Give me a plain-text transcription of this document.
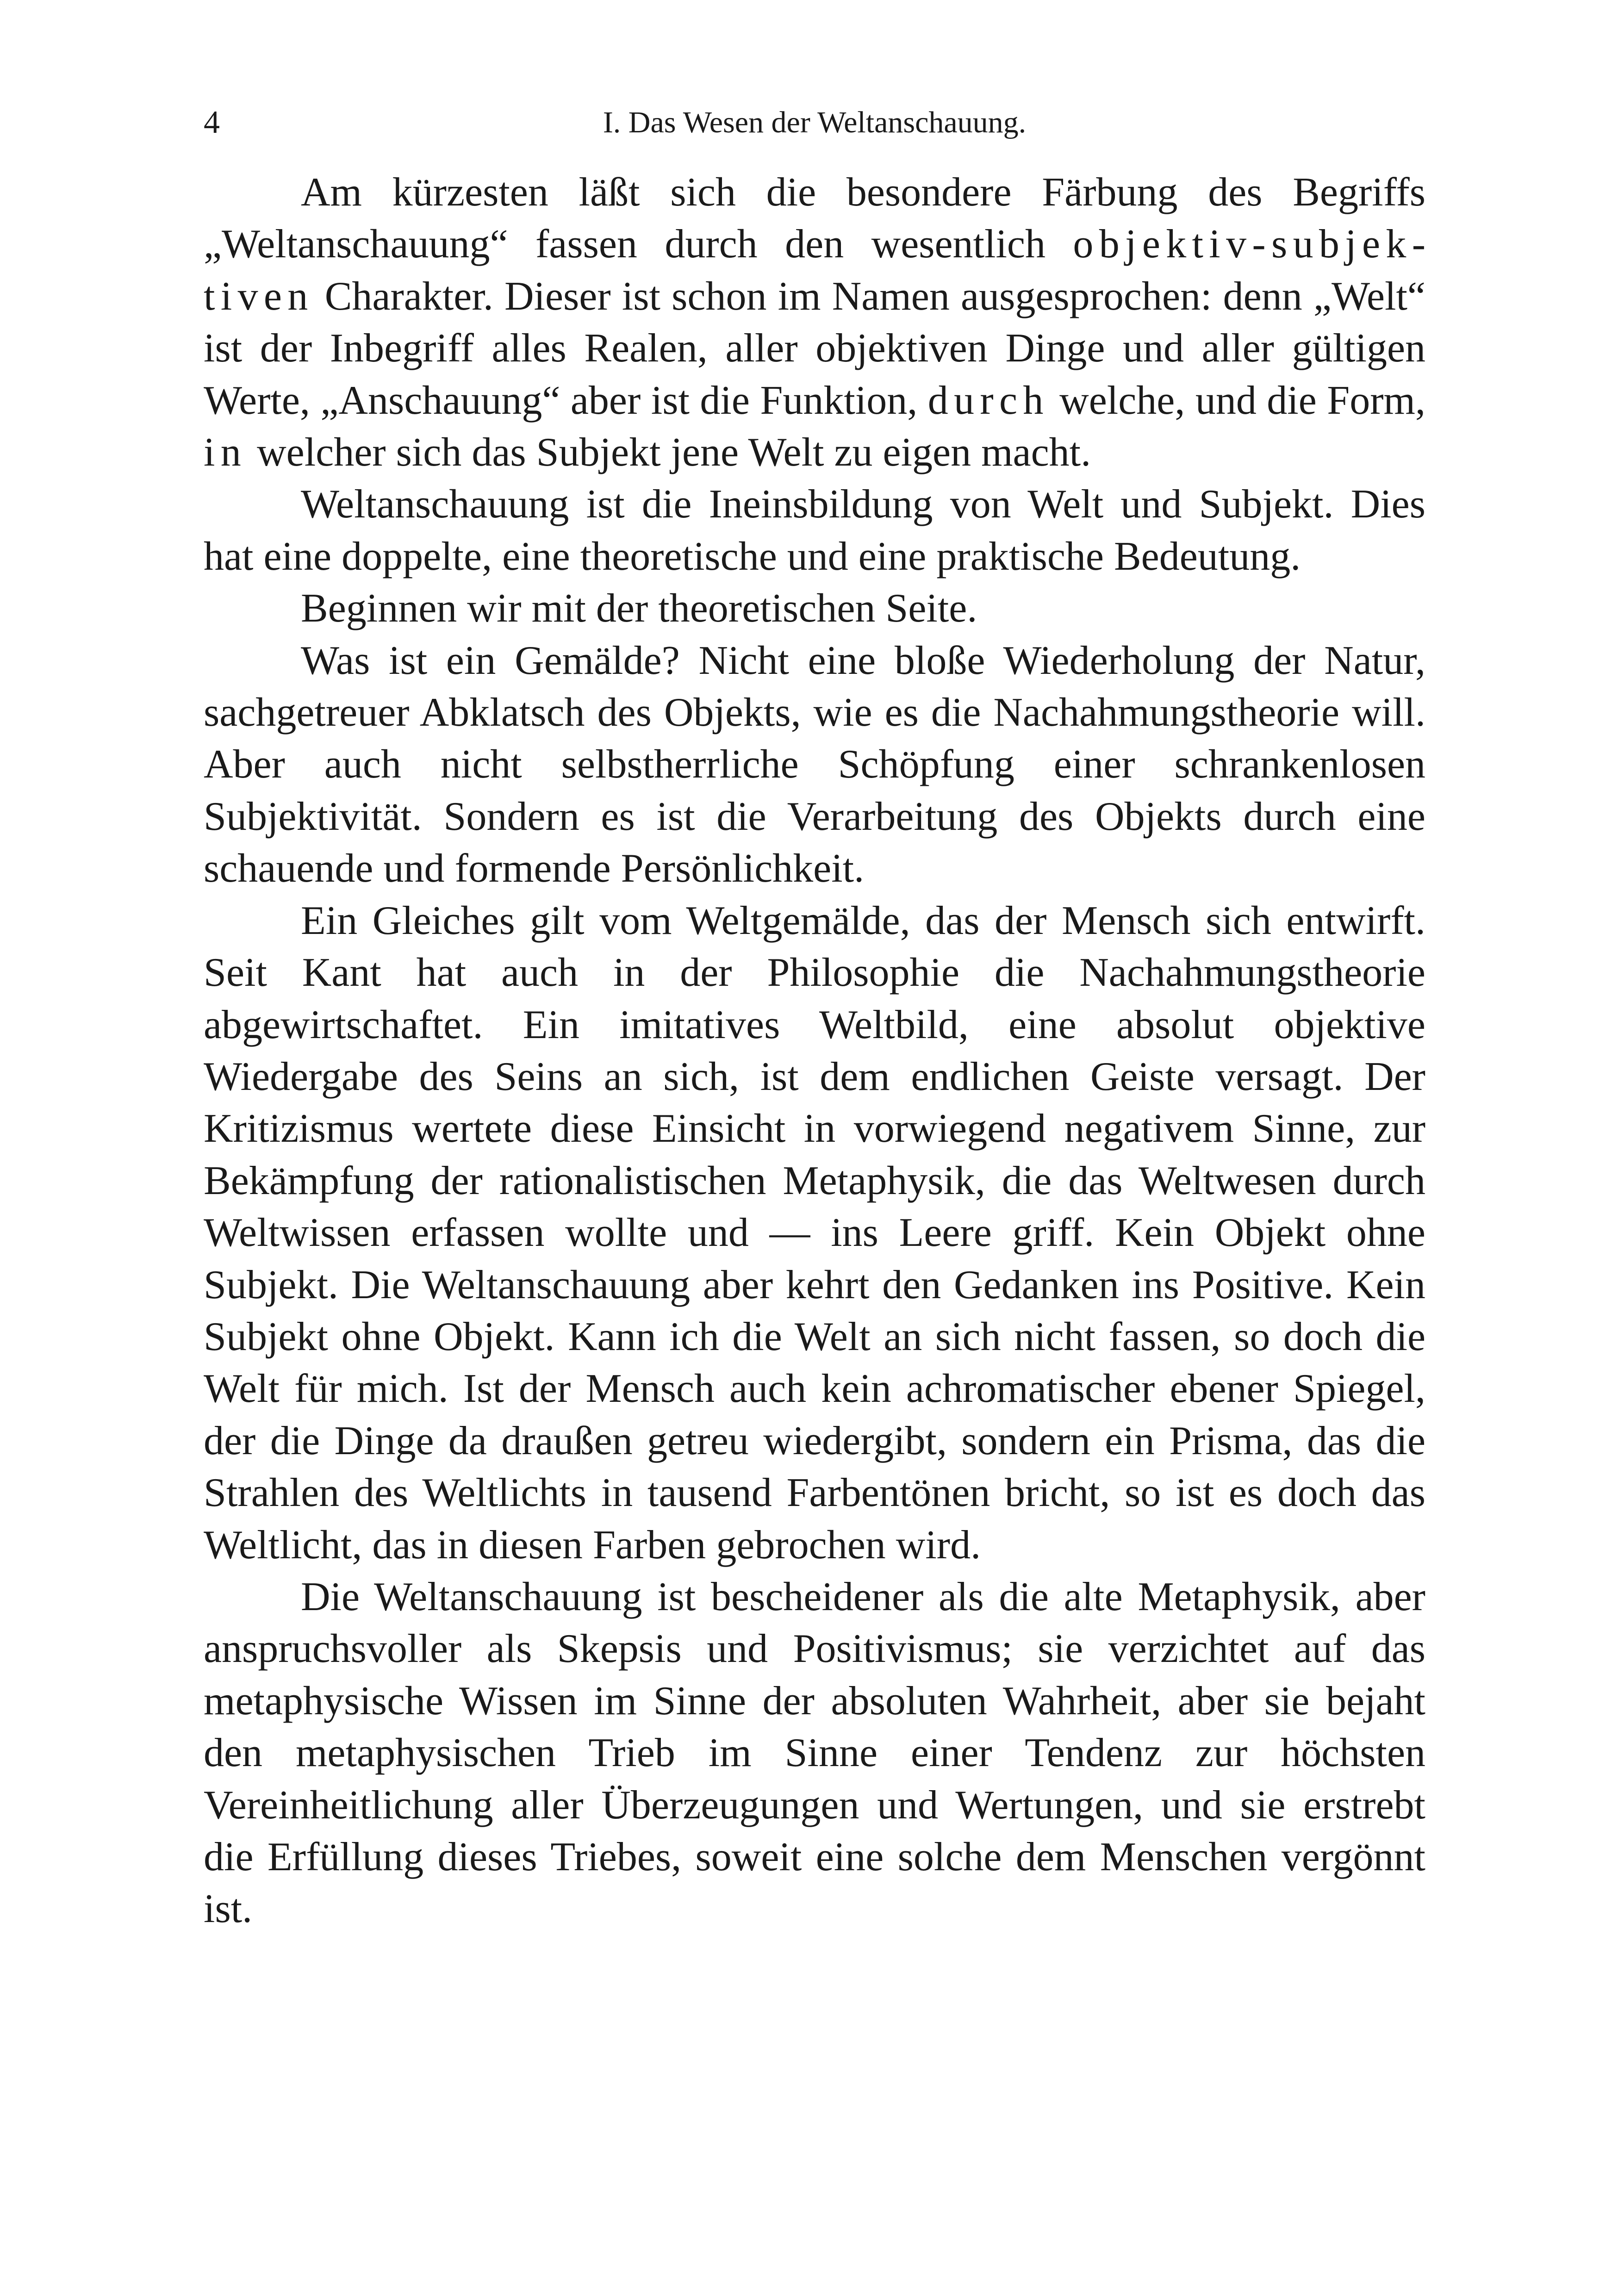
4	I. Das Wesen der Weltanschauung.

Am kürzesten läßt sich die besondere Färbung des Begriffs „Weltanschauung“ fassen durch den wesentlich objektiv-subjektiven Charakter. Dieser ist schon im Namen ausgesprochen: denn „Welt“ ist der Inbegriff alles Realen, aller objektiven Dinge und aller gültigen Werte, „Anschauung“ aber ist die Funktion, durch welche, und die Form, in welcher sich das Subjekt jene Welt zu eigen macht.

Weltanschauung ist die Ineinsbildung von Welt und Subjekt. Dies hat eine doppelte, eine theoretische und eine praktische Bedeutung.

Beginnen wir mit der theoretischen Seite.

Was ist ein Gemälde? Nicht eine bloße Wiederholung der Natur, sachgetreuer Abklatsch des Objekts, wie es die Nachahmungstheorie will. Aber auch nicht selbstherrliche Schöpfung einer schrankenlosen Subjektivität. Sondern es ist die Verarbeitung des Objekts durch eine schauende und formende Persönlichkeit.

Ein Gleiches gilt vom Weltgemälde, das der Mensch sich entwirft. Seit Kant hat auch in der Philosophie die Nachahmungstheorie abgewirtschaftet. Ein imitatives Weltbild, eine absolut objektive Wiedergabe des Seins an sich, ist dem endlichen Geiste versagt. Der Kritizismus wertete diese Einsicht in vorwiegend negativem Sinne, zur Bekämpfung der rationalistischen Metaphysik, die das Weltwesen durch Weltwissen erfassen wollte und — ins Leere griff. Kein Objekt ohne Subjekt. Die Weltanschauung aber kehrt den Gedanken ins Positive. Kein Subjekt ohne Objekt. Kann ich die Welt an sich nicht fassen, so doch die Welt für mich. Ist der Mensch auch kein achromatischer ebener Spiegel, der die Dinge da draußen getreu wiedergibt, sondern ein Prisma, das die Strahlen des Weltlichts in tausend Farbentönen bricht, so ist es doch das Weltlicht, das in diesen Farben gebrochen wird.

Die Weltanschauung ist bescheidener als die alte Metaphysik, aber anspruchsvoller als Skepsis und Positivismus; sie verzichtet auf das metaphysische Wissen im Sinne der absoluten Wahrheit, aber sie bejaht den metaphysischen Trieb im Sinne einer Tendenz zur höchsten Vereinheitlichung aller Überzeugungen und Wertungen, und sie erstrebt die Erfüllung dieses Triebes, soweit eine solche dem Menschen vergönnt ist.
